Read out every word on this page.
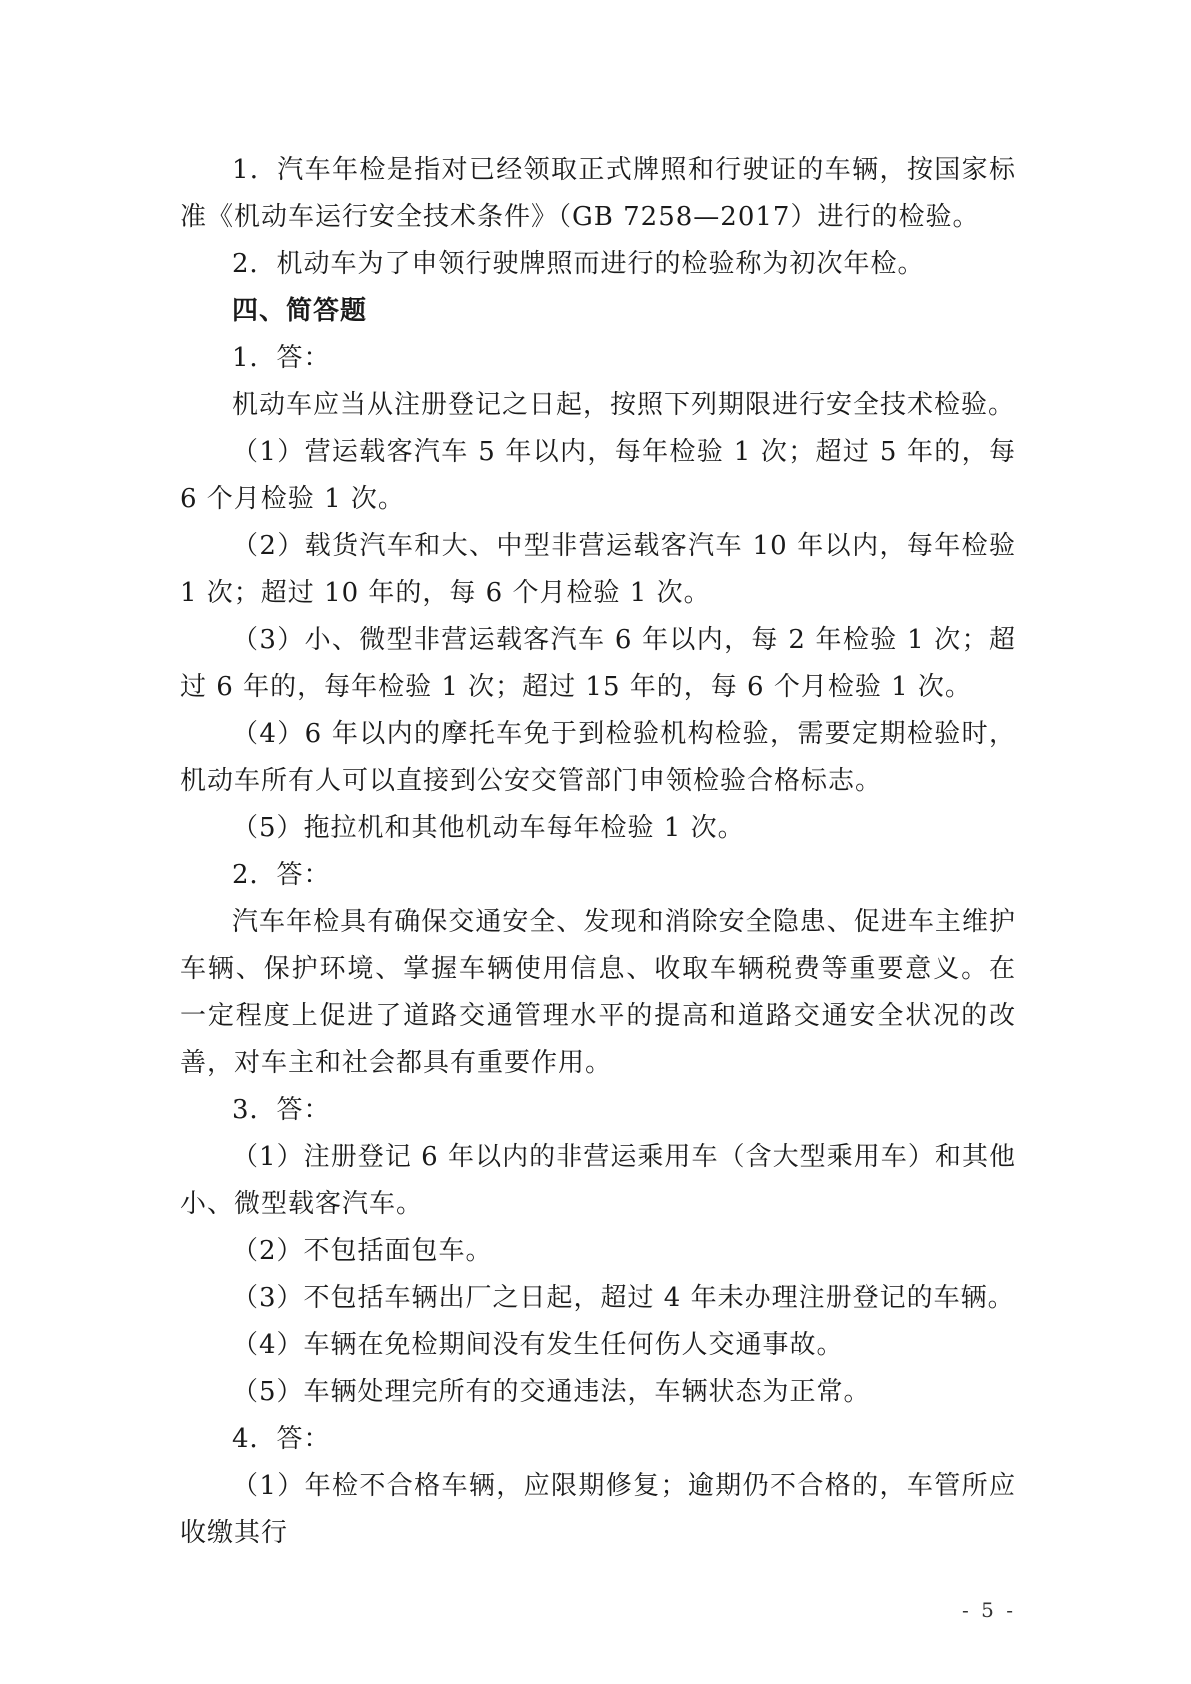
1．汽车年检是指对已经领取正式牌照和行驶证的车辆，按国家标准《机动车运行安全技术条件》（GB 7258—2017）进行的检验。

2．机动车为了申领行驶牌照而进行的检验称为初次年检。

四、简答题

1．答：

机动车应当从注册登记之日起，按照下列期限进行安全技术检验。

（1）营运载客汽车 5 年以内，每年检验 1 次；超过 5 年的，每 6 个月检验 1 次。

（2）载货汽车和大、中型非营运载客汽车 10 年以内，每年检验 1 次；超过 10 年的，每 6 个月检验 1 次。

（3）小、微型非营运载客汽车 6 年以内，每 2 年检验 1 次；超过 6 年的，每年检验 1 次；超过 15 年的，每 6 个月检验 1 次。

（4）6 年以内的摩托车免于到检验机构检验，需要定期检验时，机动车所有人可以直接到公安交管部门申领检验合格标志。

（5）拖拉机和其他机动车每年检验 1 次。

2．答：

汽车年检具有确保交通安全、发现和消除安全隐患、促进车主维护车辆、保护环境、掌握车辆使用信息、收取车辆税费等重要意义。在一定程度上促进了道路交通管理水平的提高和道路交通安全状况的改善，对车主和社会都具有重要作用。

3．答：

（1）注册登记 6 年以内的非营运乘用车（含大型乘用车）和其他小、微型载客汽车。

（2）不包括面包车。

（3）不包括车辆出厂之日起，超过 4 年未办理注册登记的车辆。

（4）车辆在免检期间没有发生任何伤人交通事故。

（5）车辆处理完所有的交通违法，车辆状态为正常。

4．答：

（1）年检不合格车辆，应限期修复；逾期仍不合格的，车管所应收缴其行

- 5 -
